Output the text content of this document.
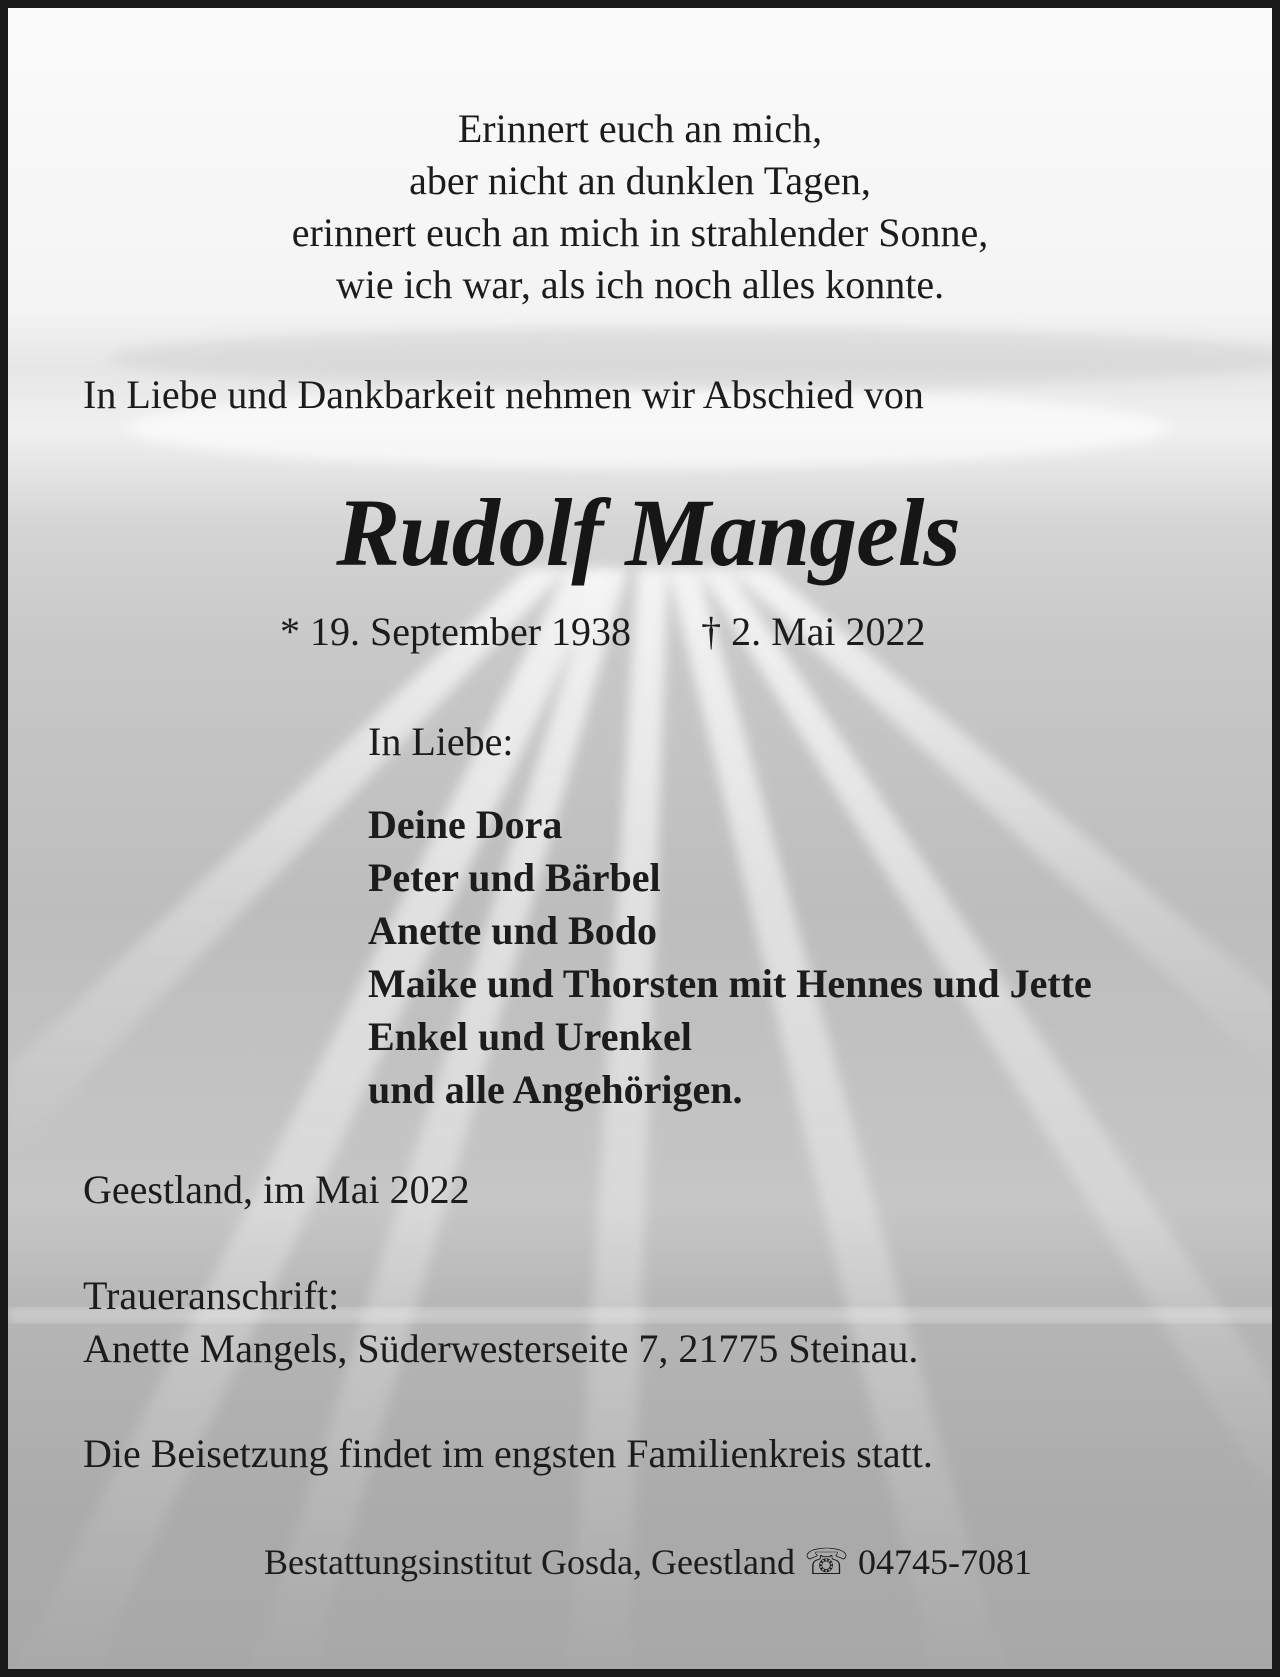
Erinnert euch an mich,
aber nicht an dunklen Tagen,
erinnert euch an mich in strahlender Sonne,
wie ich war, als ich noch alles konnte.
In Liebe und Dankbarkeit nehmen wir Abschied von
Rudolf Mangels
* 19. September 1938 † 2. Mai 2022
In Liebe:
Deine Dora
Peter und Bärbel
Anette und Bodo
Maike und Thorsten mit Hennes und Jette
Enkel und Urenkel
und alle Angehörigen.
Geestland, im Mai 2022
Traueranschrift:
Anette Mangels, Süderwesterseite 7, 21775 Steinau.
Die Beisetzung findet im engsten Familienkreis statt.
Bestattungsinstitut Gosda, Geestland ☏ 04745-7081
